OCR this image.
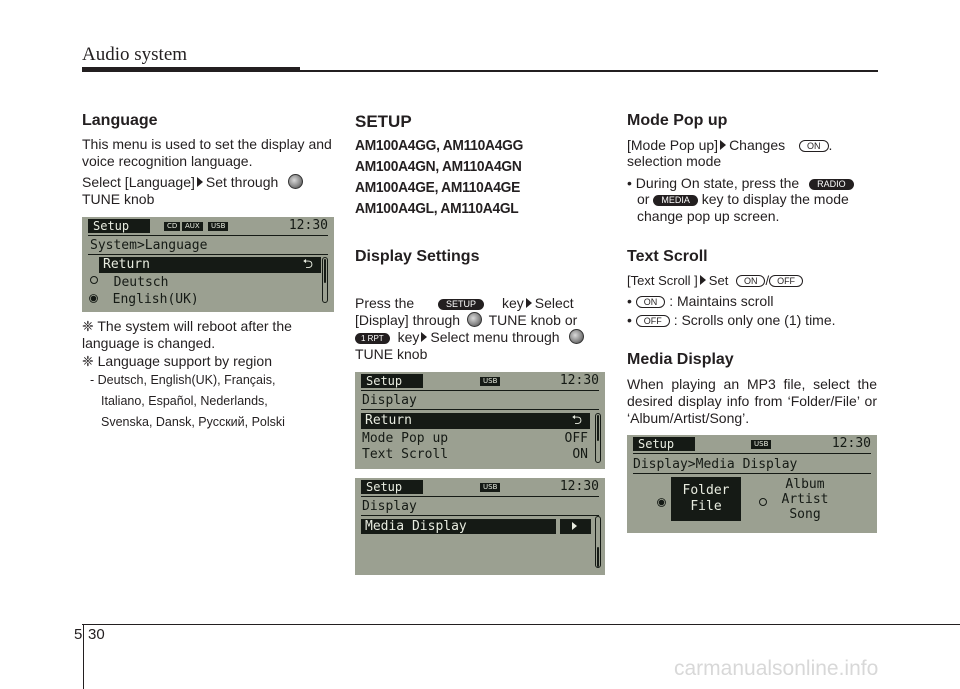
Audio system
Language
This menu is used to set the display and voice recognition language.
Select [Language] Set through
TUNE knob
Setup	CD	AUX	USB	12:30
System>Language
Return	⮌
Deutsch
English(UK)
❈ The system will reboot after the language is changed.
❈ Language support by region
- Deutsch, English(UK), Français,
Italiano, Español, Nederlands,
Svenska, Dansk, Русский, Polski
SETUP
AM100A4GG, AM110A4GG
AM100A4GN, AM110A4GN
AM100A4GE, AM110A4GE
AM100A4GL, AM110A4GL
Display Settings
Press the	SETUP key Select
[Display] through TUNE knob or
1 RPT key Select menu through
TUNE knob
Setup	USB	12:30
Display
Return	⮌
Mode Pop up	OFF
Text Scroll	ON
Setup	USB	12:30
Display
Media Display
Mode Pop up
[Mode Pop up] Changes ON .
selection mode
• During On state, press the RADIO
or MEDIA key to display the mode
change pop up screen.
Text Scroll
[Text Scroll ] Set ON / OFF
• ON : Maintains scroll
• OFF : Scrolls only one (1) time.
Media Display
When playing an MP3 file, select the desired display info from ‘Folder/File’ or ‘Album/Artist/Song’.
Setup	USB	12:30
Display>Media Display
Folder
File
Album
Artist
Song
5 30
carmanualsonline.info
